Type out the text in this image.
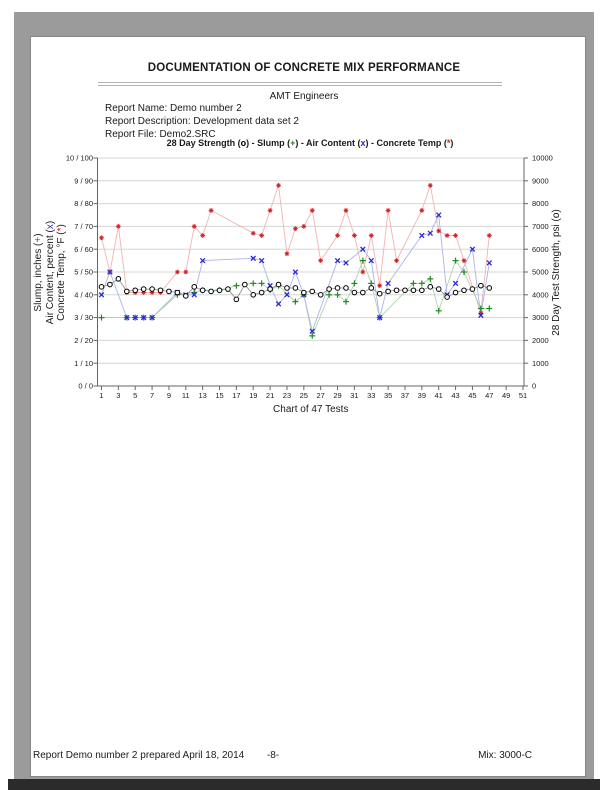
DOCUMENTATION OF CONCRETE MIX PERFORMANCE
AMT Engineers
Report Name: Demo number 2
Report Description: Development data set 2
Report File: Demo2.SRC
28 Day Strength (o) - Slump (+) - Air Content (x) - Concrete Temp (*)
Slump, inches (+) Air Content, percent (x)
Concrete Temp, °F (*)	28 Day Test Strength, psi (o)
10 / 100	10000
9 / 90	9000
8 / 80	8000
7 / 70	7000
6 / 60	6000
5 / 50	5000
4 / 40	4000
3 / 30	3000
2 / 20	2000
1 / 10	1000
0 / 0	0
1 3 5 7 9 11 13 15 17 19 21 23 25 27 29 31 33 35 37 39 41 43 45 47 49 51
Chart of 47 Tests
Report Demo number 2 prepared April 18, 2014	-8-	Mix: 3000-C
